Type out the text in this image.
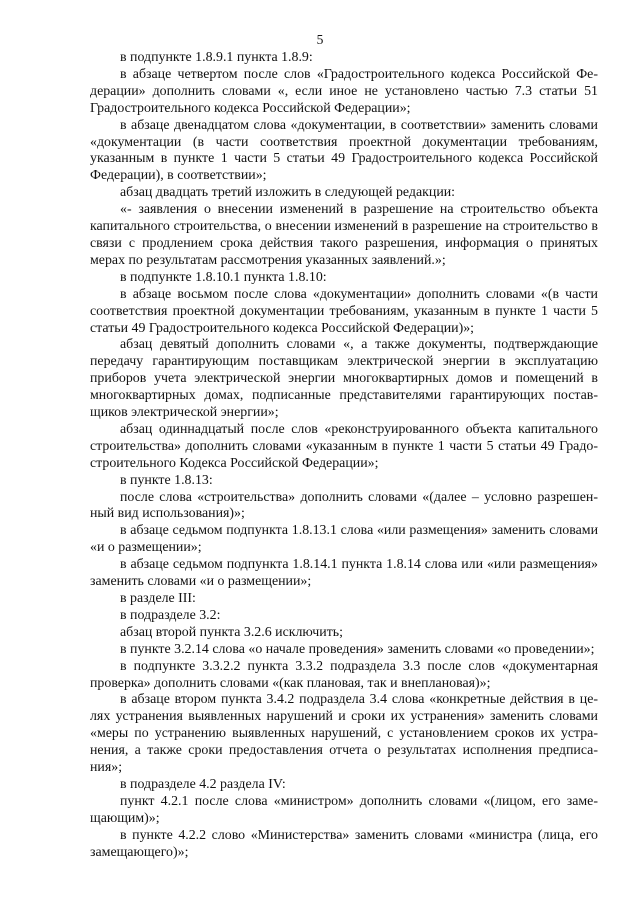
5

в подпункте 1.8.9.1 пункта 1.8.9:

в абзаце четвертом после слов «Градостроительного кодекса Российской Федерации» дополнить словами «, если иное не установлено частью 7.3 статьи 51 Градостроительного кодекса Российской Федерации»;

в абзаце двенадцатом слова «документации, в соответствии» заменить словами «документации (в части соответствия проектной документации требованиям, указанным в пункте 1 части 5 статьи 49 Градостроительного кодекса Российской Федерации), в соответствии»;

абзац двадцать третий изложить в следующей редакции:

«- заявления о внесении изменений в разрешение на строительство объекта капитального строительства, о внесении изменений в разрешение на строительство в связи с продлением срока действия такого разрешения, информация о принятых мерах по результатам рассмотрения указанных заявлений.»;

в подпункте 1.8.10.1 пункта 1.8.10:

в абзаце восьмом после слова «документации» дополнить словами «(в части соответствия проектной документации требованиям, указанным в пункте 1 части 5 статьи 49 Градостроительного кодекса Российской Федерации)»;

абзац девятый дополнить словами «, а также документы, подтверждающие передачу гарантирующим поставщикам электрической энергии в эксплуатацию приборов учета электрической энергии многоквартирных домов и помещений в многоквартирных домах, подписанные представителями гарантирующих поставщиков электрической энергии»;

абзац одиннадцатый после слов «реконструированного объекта капитального строительства» дополнить словами «указанным в пункте 1 части 5 статьи 49 Градостроительного Кодекса Российской Федерации»;

в пункте 1.8.13:

после слова «строительства» дополнить словами «(далее – условно разрешенный вид использования)»;

в абзаце седьмом подпункта 1.8.13.1 слова «или размещения» заменить словами «и о размещении»;

в абзаце седьмом подпункта 1.8.14.1 пункта 1.8.14 слова или «или размещения» заменить словами «и о размещении»;

в разделе III:

в подразделе 3.2:

абзац второй пункта 3.2.6 исключить;

в пункте 3.2.14 слова «о начале проведения» заменить словами «о проведении»;

в подпункте 3.3.2.2 пункта 3.3.2 подраздела 3.3 после слов «документарная проверка» дополнить словами «(как плановая, так и внеплановая)»;

в абзаце втором пункта 3.4.2 подраздела 3.4 слова «конкретные действия в целях устранения выявленных нарушений и сроки их устранения» заменить словами «меры по устранению выявленных нарушений, с установлением сроков их устранения, а также сроки предоставления отчета о результатах исполнения предписания»;

в подразделе 4.2 раздела IV:

пункт 4.2.1 после слова «министром» дополнить словами «(лицом, его замещающим)»;

в пункте 4.2.2 слово «Министерства» заменить словами «министра (лица, его замещающего)»;
